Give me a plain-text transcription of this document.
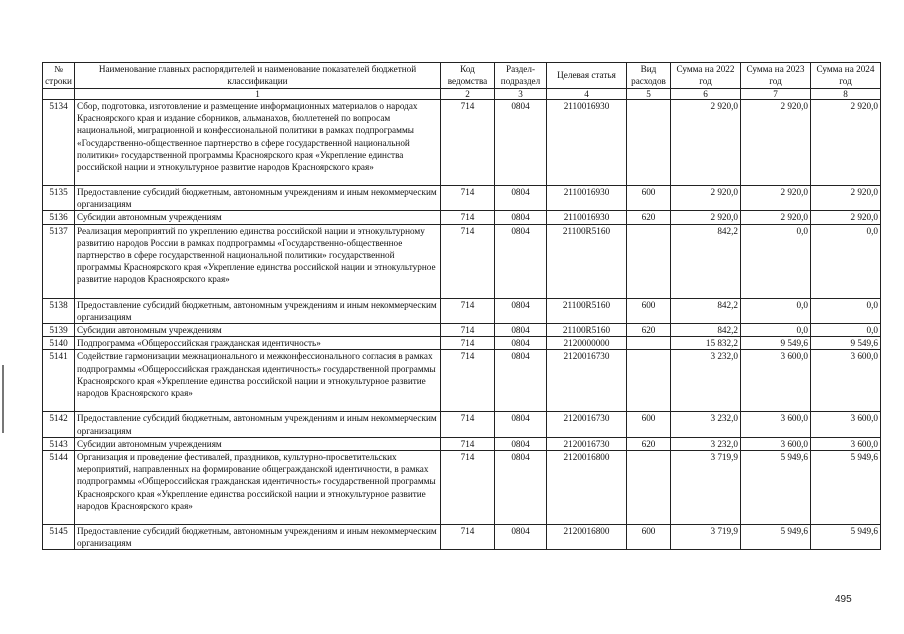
№ строки	Наименование главных распорядителей и наименование показателей бюджетной классификации	Код ведомства	Раздел-подраздел	Целевая статья	Вид расходов	Сумма на 2022 год	Сумма на 2023 год	Сумма на 2024 год
	1	2	3	4	5	6	7	8
5134	Сбор, подготовка, изготовление и размещение информационных материалов о народах Красноярского края и издание сборников, альманахов, бюллетеней по вопросам национальной, миграционной и конфессиональной политики в рамках подпрограммы «Государственно-общественное партнерство в сфере государственной национальной политики» государственной программы Красноярского края «Укрепление единства российской нации и этнокультурное развитие народов Красноярского края»	714	0804	2110016930		2 920,0	2 920,0	2 920,0
5135	Предоставление субсидий бюджетным, автономным учреждениям и иным некоммерческим организациям	714	0804	2110016930	600	2 920,0	2 920,0	2 920,0
5136	Субсидии автономным учреждениям	714	0804	2110016930	620	2 920,0	2 920,0	2 920,0
5137	Реализация мероприятий по укреплению единства российской нации и этнокультурному развитию народов России в рамках подпрограммы «Государственно-общественное партнерство в сфере государственной национальной политики» государственной программы Красноярского края «Укрепление единства российской нации и этнокультурное развитие народов Красноярского края»	714	0804	21100R5160		842,2	0,0	0,0
5138	Предоставление субсидий бюджетным, автономным учреждениям и иным некоммерческим организациям	714	0804	21100R5160	600	842,2	0,0	0,0
5139	Субсидии автономным учреждениям	714	0804	21100R5160	620	842,2	0,0	0,0
5140	Подпрограмма «Общероссийская гражданская идентичность»	714	0804	2120000000		15 832,2	9 549,6	9 549,6
5141	Содействие гармонизации межнационального и межконфессионального согласия в рамках подпрограммы «Общероссийская гражданская идентичность» государственной программы Красноярского края «Укрепление единства российской нации и этнокультурное развитие народов Красноярского края»	714	0804	2120016730		3 232,0	3 600,0	3 600,0
5142	Предоставление субсидий бюджетным, автономным учреждениям и иным некоммерческим организациям	714	0804	2120016730	600	3 232,0	3 600,0	3 600,0
5143	Субсидии автономным учреждениям	714	0804	2120016730	620	3 232,0	3 600,0	3 600,0
5144	Организация и проведение фестивалей, праздников, культурно-просветительских мероприятий, направленных на формирование общегражданской идентичности, в рамках подпрограммы «Общероссийская гражданская идентичность» государственной программы Красноярского края «Укрепление единства российской нации и этнокультурное развитие народов Красноярского края»	714	0804	2120016800		3 719,9	5 949,6	5 949,6
5145	Предоставление субсидий бюджетным, автономным учреждениям и иным некоммерческим организациям	714	0804	2120016800	600	3 719,9	5 949,6	5 949,6
495
